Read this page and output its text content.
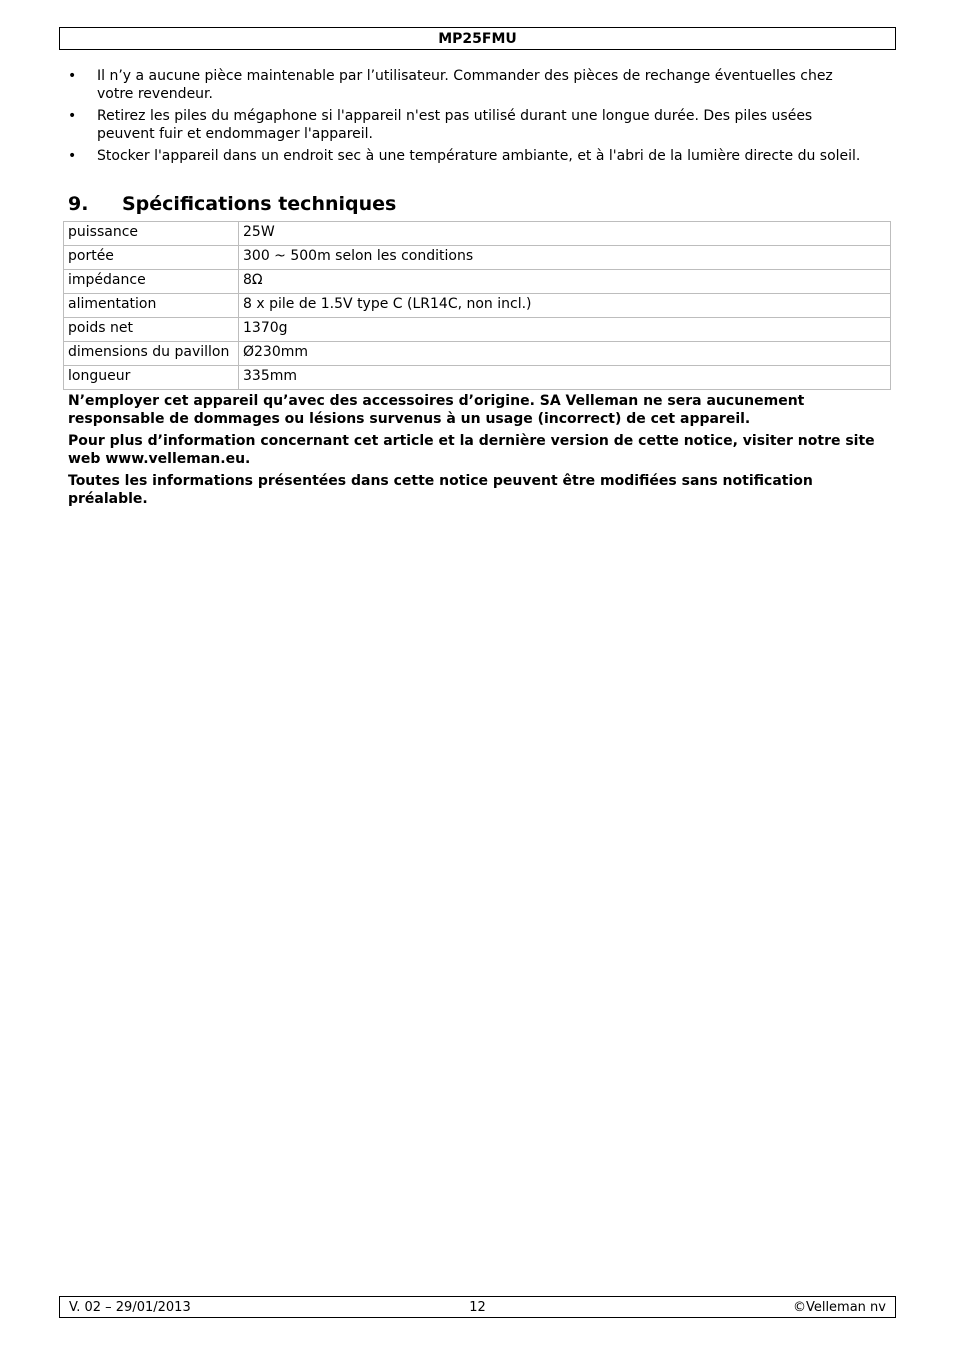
MP25FMU
• Il n’y a aucune pièce maintenable par l’utilisateur. Commander des pièces de rechange éventuelles chez votre revendeur.
• Retirez les piles du mégaphone si l'appareil n'est pas utilisé durant une longue durée. Des piles usées peuvent fuir et endommager l'appareil.
• Stocker l'appareil dans un endroit sec à une température ambiante, et à l'abri de la lumière directe du soleil.
9. Spécifications techniques
puissance	25W
portée	300 ~ 500m selon les conditions
impédance	8Ω
alimentation	8 x pile de 1.5V type C (LR14C, non incl.)
poids net	1370g
dimensions du pavillon	Ø230mm
longueur	335mm

N’employer cet appareil qu’avec des accessoires d’origine. SA Velleman ne sera aucunement responsable de dommages ou lésions survenus à un usage (incorrect) de cet appareil.

Pour plus d’information concernant cet article et la dernière version de cette notice, visiter notre site web www.velleman.eu.

Toutes les informations présentées dans cette notice peuvent être modifiées sans notification préalable.

V. 02 – 29/01/2013	12	©Velleman nv
